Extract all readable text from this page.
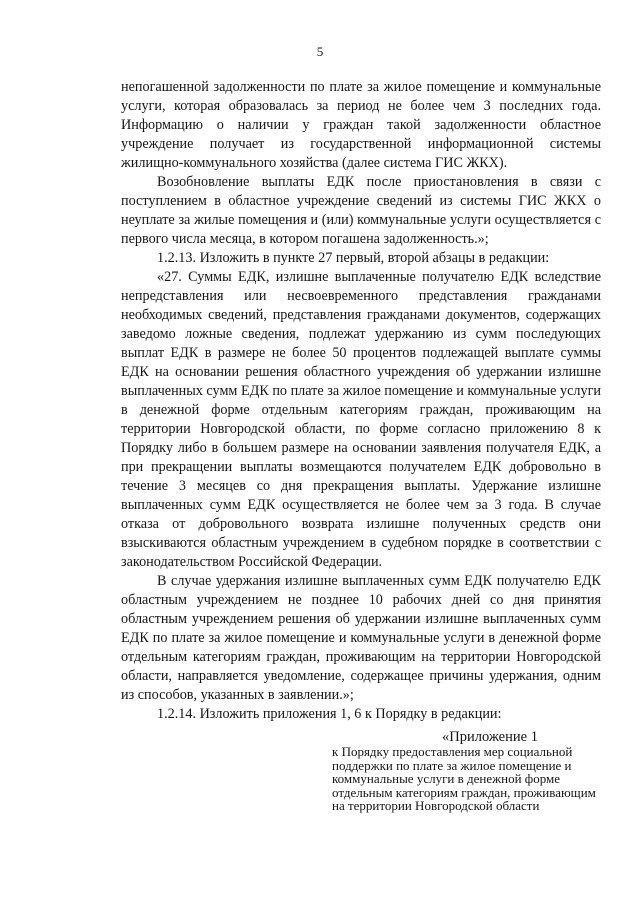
5

непогашенной задолженности по плате за жилое помещение и коммунальные услуги, которая образовалась за период не более чем 3 последних года. Информацию о наличии у граждан такой задолженности областное учреждение получает из государственной информационной системы жилищно-коммунального хозяйства (далее система ГИС ЖКХ).

Возобновление выплаты ЕДК после приостановления в связи с поступлением в областное учреждение сведений из системы ГИС ЖКХ о неуплате за жилые помещения и (или) коммунальные услуги осуществляется с первого числа месяца, в котором погашена задолженность.»;

1.2.13. Изложить в пункте 27 первый, второй абзацы в редакции:

«27. Суммы ЕДК, излишне выплаченные получателю ЕДК вследствие непредставления или несвоевременного представления гражданами необходимых сведений, представления гражданами документов, содержащих заведомо ложные сведения, подлежат удержанию из сумм последующих выплат ЕДК в размере не более 50 процентов подлежащей выплате суммы ЕДК на основании решения областного учреждения об удержании излишне выплаченных сумм ЕДК по плате за жилое помещение и коммунальные услуги в денежной форме отдельным категориям граждан, проживающим на территории Новгородской области, по форме согласно приложению 8 к Порядку либо в большем размере на основании заявления получателя ЕДК, а при прекращении выплаты возмещаются получателем ЕДК добровольно в течение 3 месяцев со дня прекращения выплаты. Удержание излишне выплаченных сумм ЕДК осуществляется не более чем за 3 года. В случае отказа от добровольного возврата излишне полученных средств они взыскиваются областным учреждением в судебном порядке в соответствии с законодательством Российской Федерации.

В случае удержания излишне выплаченных сумм ЕДК получателю ЕДК областным учреждением не позднее 10 рабочих дней со дня принятия областным учреждением решения об удержании излишне выплаченных сумм ЕДК по плате за жилое помещение и коммунальные услуги в денежной форме отдельным категориям граждан, проживающим на территории Новгородской области, направляется уведомление, содержащее причины удержания, одним из способов, указанных в заявлении.»;

1.2.14. Изложить приложения 1, 6 к Порядку в редакции:

«Приложение 1
к Порядку предоставления мер социальной поддержки по плате за жилое помещение и коммунальные услуги в денежной форме отдельным категориям граждан, проживающим на территории Новгородской области
